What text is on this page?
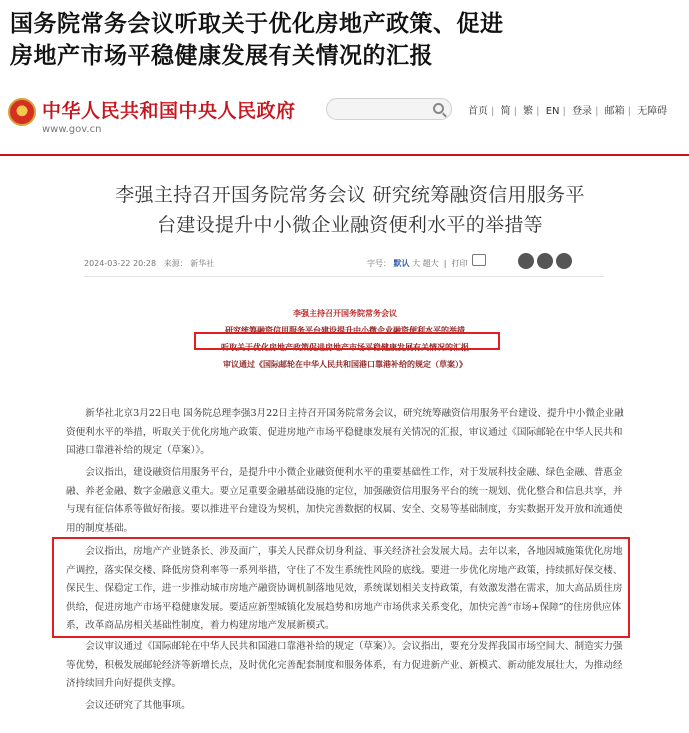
国务院常务会议听取关于优化房地产政策、促进
房地产市场平稳健康发展有关情况的汇报
中华人民共和国中央人民政府
www.gov.cn
首页 | 简 | 繁 | EN | 登录 | 邮箱 | 无障碍
李强主持召开国务院常务会议 研究统筹融资信用服务平
台建设提升中小微企业融资便利水平的举措等
2024-03-22 20:28 来源： 新华社	字号： 默认 大 超大  |  打印
李强主持召开国务院常务会议
研究统筹融资信用服务平台建设提升中小微企业融资便利水平的举措
听取关于优化房地产政策促进房地产市场平稳健康发展有关情况的汇报
审议通过《国际邮轮在中华人民共和国港口靠港补给的规定（草案）》
新华社北京3月22日电 国务院总理李强3月22日主持召开国务院常务会议，研究统筹融资信用服务平台建设、提升中小微企业融资便利水平的举措，听取关于优化房地产政策、促进房地产市场平稳健康发展有关情况的汇报，审议通过《国际邮轮在中华人民共和国港口靠港补给的规定（草案）》。
会议指出，建设融资信用服务平台，是提升中小微企业融资便利水平的重要基础性工作，对于发展科技金融、绿色金融、普惠金融、养老金融、数字金融意义重大。要立足重要金融基础设施的定位，加强融资信用服务平台的统一规划、优化整合和信息共享，并与现有征信体系等做好衔接。要以推进平台建设为契机，加快完善数据的权属、安全、交易等基础制度，夯实数据开发开放和流通使用的制度基础。
会议指出，房地产产业链条长、涉及面广，事关人民群众切身利益、事关经济社会发展大局。去年以来，各地因城施策优化房地产调控，落实保交楼、降低房贷利率等一系列举措，守住了不发生系统性风险的底线。要进一步优化房地产政策，持续抓好保交楼、保民生、保稳定工作，进一步推动城市房地产融资协调机制落地见效，系统谋划相关支持政策，有效激发潜在需求，加大高品质住房供给，促进房地产市场平稳健康发展。要适应新型城镇化发展趋势和房地产市场供求关系变化，加快完善“市场+保障”的住房供应体系，改革商品房相关基础性制度，着力构建房地产发展新模式。
会议审议通过《国际邮轮在中华人民共和国港口靠港补给的规定（草案）》。会议指出，要充分发挥我国市场空间大、制造实力强等优势，积极发展邮轮经济等新增长点，及时优化完善配套制度和服务体系，有力促进新产业、新模式、新动能发展壮大，为推动经济持续回升向好提供支撑。
会议还研究了其他事项。
